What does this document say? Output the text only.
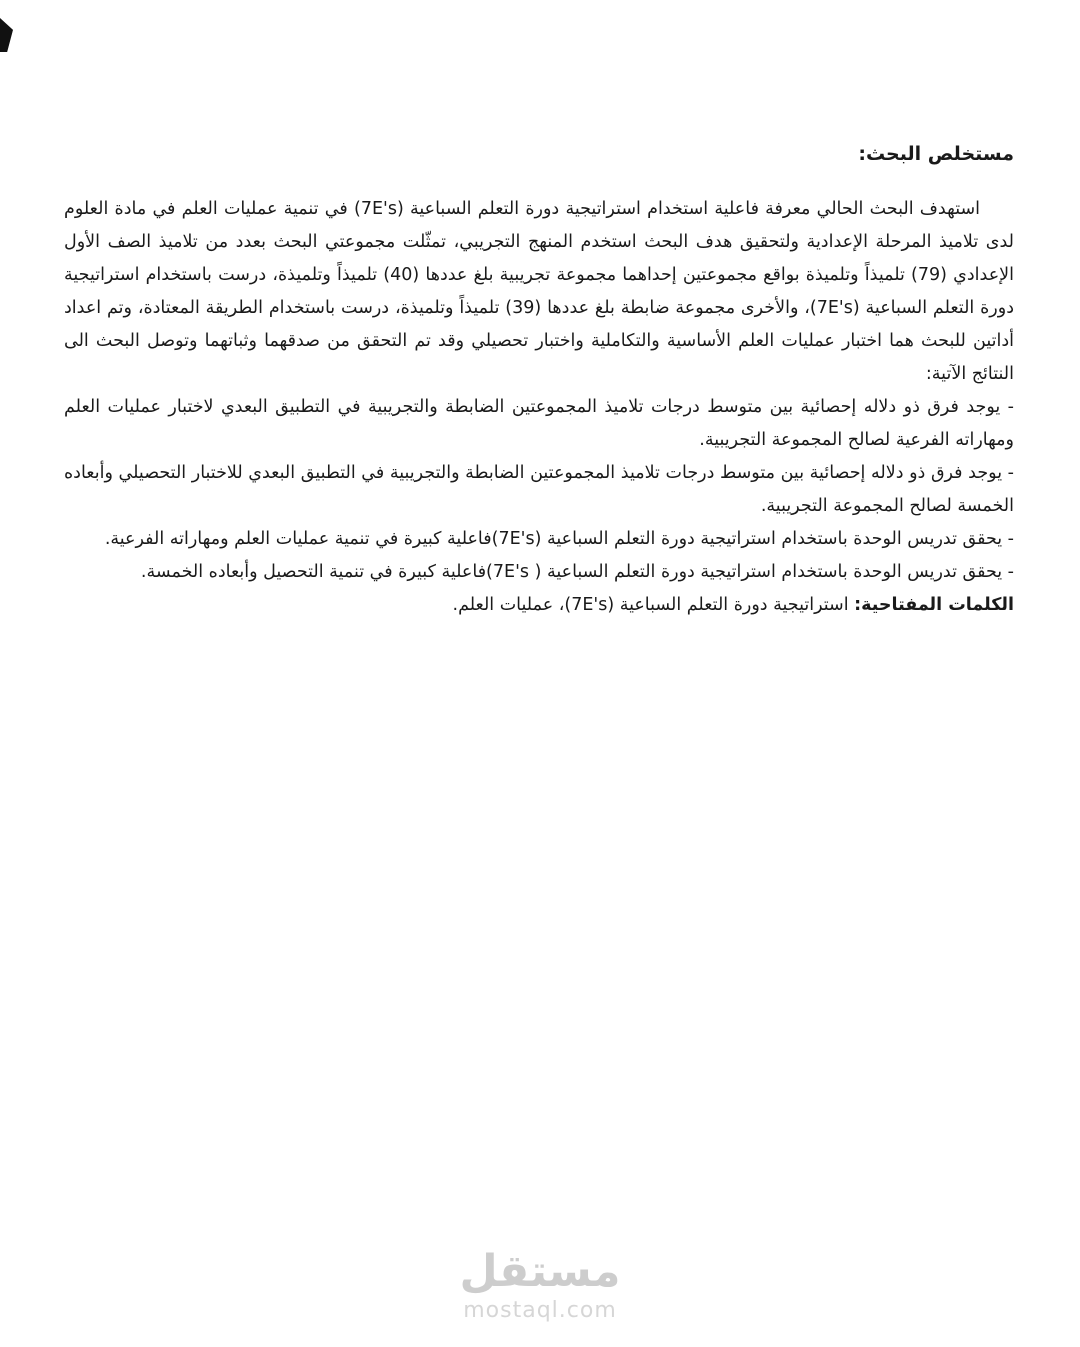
مستخلص البحث:

استهدف البحث الحالي معرفة فاعلية استخدام استراتيجية دورة التعلم السباعية (7E's) في تنمية عمليات العلم في مادة العلوم لدى تلاميذ المرحلة الإعدادية ولتحقيق هدف البحث استخدم المنهج التجريبي، تمثّلت مجموعتي البحث بعدد من تلاميذ الصف الأول الإعدادي (79) تلميذاً وتلميذة بواقع مجموعتين إحداهما مجموعة تجريبية بلغ عددها (40) تلميذاً وتلميذة، درست باستخدام استراتيجية دورة التعلم السباعية (7E's)، والأخرى مجموعة ضابطة بلغ عددها (39) تلميذاً وتلميذة، درست باستخدام الطريقة المعتادة، وتم اعداد أداتين للبحث هما اختبار عمليات العلم الأساسية والتكاملية واختبار تحصيلي وقد تم التحقق من صدقهما وثباتهما وتوصل البحث الى النتائج الآتية:

- يوجد فرق ذو دلاله إحصائية بين متوسط درجات تلاميذ المجموعتين الضابطة والتجريبية في التطبيق البعدي لاختبار عمليات العلم ومهاراته الفرعية لصالح المجموعة التجريبية.

- يوجد فرق ذو دلاله إحصائية بين متوسط درجات تلاميذ المجموعتين الضابطة والتجريبية في التطبيق البعدي للاختبار التحصيلي وأبعاده الخمسة لصالح المجموعة التجريبية.

- يحقق تدريس الوحدة باستخدام استراتيجية دورة التعلم السباعية (7E's)فاعلية كبيرة في تنمية عمليات العلم ومهاراته الفرعية.

- يحقق تدريس الوحدة باستخدام استراتيجية دورة التعلم السباعية ( 7E's)فاعلية كبيرة في تنمية التحصيل وأبعاده الخمسة.

الكلمات المفتاحية: استراتيجية دورة التعلم السباعية (7E's)، عمليات العلم.

مستقل
mostaql.com
